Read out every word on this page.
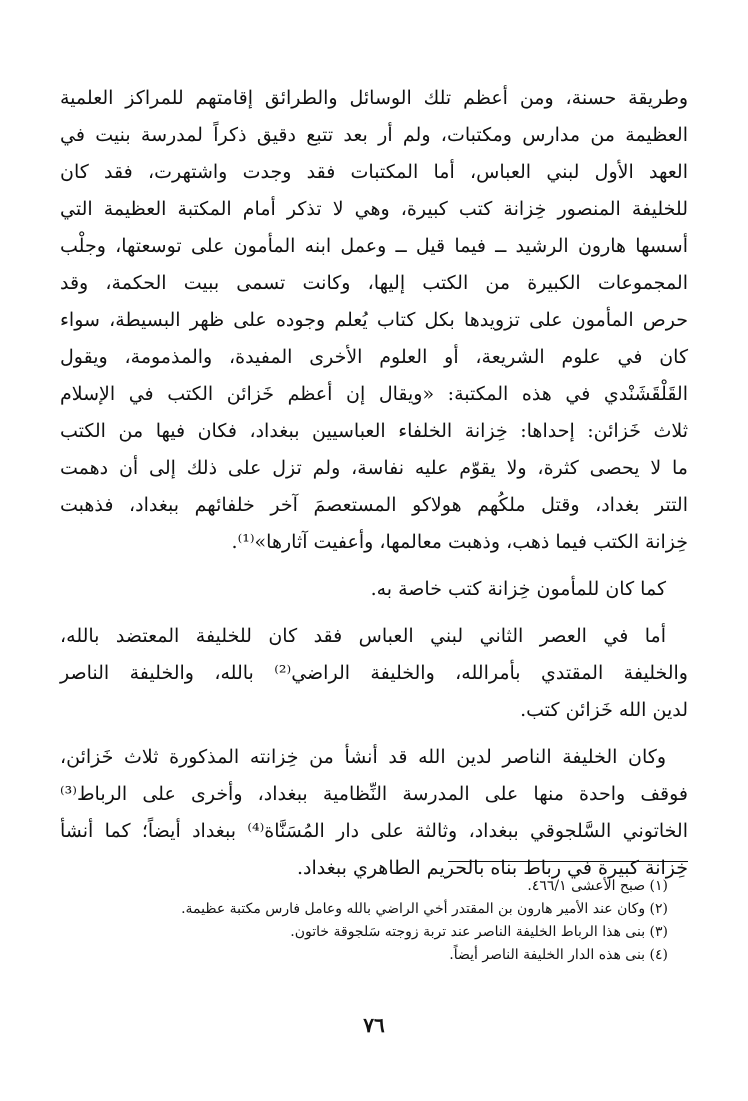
وطريقة حسنة، ومن أعظم تلك الوسائل والطرائق إقامتهم للمراكز العلمية
العظيمة من مدارس ومكتبات، ولم أر بعد تتبع دقيق ذكراً لمدرسة بنيت في
العهد الأول لبني العباس، أما المكتبات فقد وجدت واشتهرت، فقد كان
للخليفة المنصور خِزانة كتب كبيرة، وهي لا تذكر أمام المكتبة العظيمة التي
أسسها هارون الرشيد ــ فيما قيل ــ وعمل ابنه المأمون على توسعتها، وجلْب
المجموعات الكبيرة من الكتب إليها، وكانت تسمى ببيت الحكمة، وقد
حرص المأمون على تزويدها بكل كتاب يُعلم وجوده على ظهر البسيطة، سواء
كان في علوم الشريعة، أو العلوم الأخرى المفيدة، والمذمومة، ويقول
القَلْقَشَنْدي في هذه المكتبة: «ويقال إن أعظم خَزائن الكتب في الإسلام
ثلاث خَزائن: إحداها: خِزانة الخلفاء العباسيين ببغداد، فكان فيها من الكتب
ما لا يحصى كثرة، ولا يقوّم عليه نفاسة، ولم تزل على ذلك إلى أن دهمت
التتر بغداد، وقتل ملكُهم هولاكو المستعصمَ آخر خلفائهم ببغداد، فذهبت
خِزانة الكتب فيما ذهب، وذهبت معالمها، وأعفيت آثارها»⁽¹⁾.

كما كان للمأمون خِزانة كتب خاصة به.

أما في العصر الثاني لبني العباس فقد كان للخليفة المعتضد بالله،
والخليفة المقتدي بأمرالله، والخليفة الراضي⁽²⁾ بالله، والخليفة الناصر
لدين الله خَزائن كتب.

وكان الخليفة الناصر لدين الله قد أنشأ من خِزانته المذكورة ثلاث خَزائن،
فوقف واحدة منها على المدرسة النِّظامية ببغداد، وأخرى على الرباط⁽³⁾
الخاتوني السَّلجوقي ببغداد، وثالثة على دار المُسَنَّاة⁽⁴⁾ ببغداد أيضاً؛ كما أنشأ
خِزانة كبيرة في رباط بناه بالحريم الطاهري ببغداد.

(١) صبح الأعشى ٤٦٦/١.
(٢) وكان عند الأمير هارون بن المقتدر أخي الراضي بالله وعامل فارس مكتبة عظيمة.
(٣) بنى هذا الرباط الخليفة الناصر عند تربة زوجته سَلجوقة خاتون.
(٤) بنى هذه الدار الخليفة الناصر أيضاً.
٧٦
